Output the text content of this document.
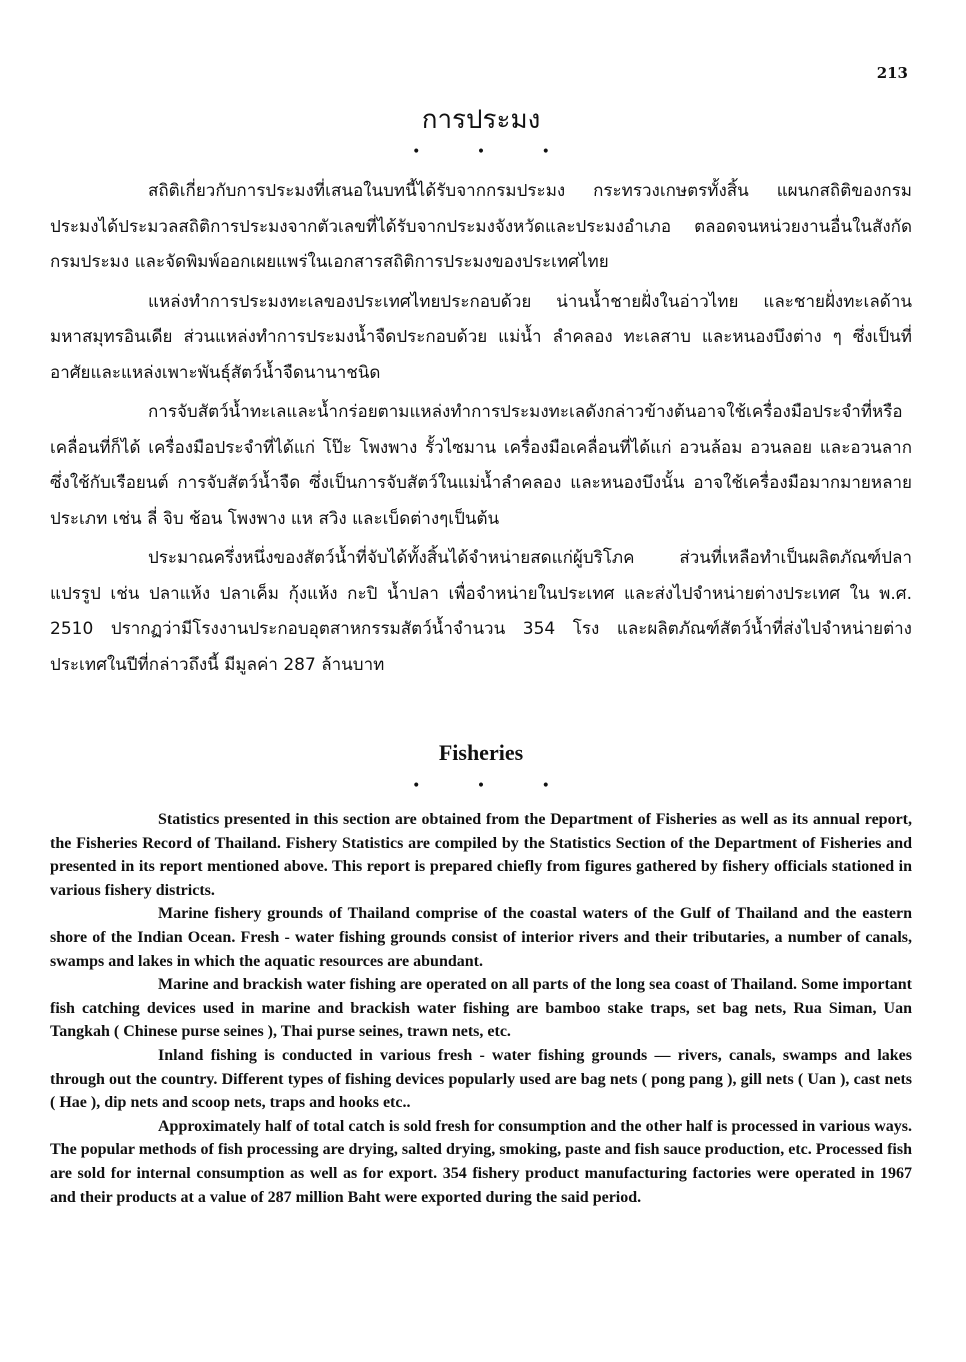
213
การประมง
• • •

สถิติเกี่ยวกับการประมงที่เสนอในบทนี้ได้รับจากกรมประมง กระทรวงเกษตรทั้งสิ้น แผนกสถิติของกรมประมงได้ประมวลสถิติการประมงจากตัวเลขที่ได้รับจากประมงจังหวัดและประมงอำเภอ ตลอดจนหน่วยงานอื่นในสังกัดกรมประมง และจัดพิมพ์ออกเผยแพร่ในเอกสารสถิติการประมงของประเทศไทย

แหล่งทำการประมงทะเลของประเทศไทยประกอบด้วย น่านน้ำชายฝั่งในอ่าวไทย และชายฝั่งทะเลด้านมหาสมุทรอินเดีย ส่วนแหล่งทำการประมงน้ำจืดประกอบด้วย แม่น้ำ ลำคลอง ทะเลสาบ และหนองบึงต่าง ๆ ซึ่งเป็นที่อาศัยและแหล่งเพาะพันธุ์สัตว์น้ำจืดนานาชนิด

การจับสัตว์น้ำทะเลและน้ำกร่อยตามแหล่งทำการประมงทะเลดังกล่าวข้างต้นอาจใช้เครื่องมือประจำที่หรือเคลื่อนที่ก็ได้ เครื่องมือประจำที่ได้แก่ โป๊ะ โพงพาง รั้วไซมาน เครื่องมือเคลื่อนที่ได้แก่ อวนล้อม อวนลอย และอวนลากซึ่งใช้กับเรือยนต์ การจับสัตว์น้ำจืด ซึ่งเป็นการจับสัตว์ในแม่น้ำลำคลอง และหนองบึงนั้น อาจใช้เครื่องมือมากมายหลายประเภท เช่น ลี่ จิบ ช้อน โพงพาง แห สวิง และเบ็ดต่างๆเป็นต้น

ประมาณครึ่งหนึ่งของสัตว์น้ำที่จับได้ทั้งสิ้นได้จำหน่ายสดแก่ผู้บริโภค ส่วนที่เหลือทำเป็นผลิตภัณฑ์ปลาแปรรูป เช่น ปลาแห้ง ปลาเค็ม กุ้งแห้ง กะปิ น้ำปลา เพื่อจำหน่ายในประเทศ และส่งไปจำหน่ายต่างประเทศ ใน พ.ศ. 2510 ปรากฏว่ามีโรงงานประกอบอุตสาหกรรมสัตว์น้ำจำนวน 354 โรง และผลิตภัณฑ์สัตว์น้ำที่ส่งไปจำหน่ายต่างประเทศในปีที่กล่าวถึงนี้ มีมูลค่า 287 ล้านบาท

Fisheries
• • •

Statistics presented in this section are obtained from the Department of Fisheries as well as its annual report, the Fisheries Record of Thailand. Fishery Statistics are compiled by the Statistics Section of the Department of Fisheries and presented in its report mentioned above. This report is prepared chiefly from figures gathered by fishery officials stationed in various fishery districts.

Marine fishery grounds of Thailand comprise of the coastal waters of the Gulf of Thailand and the eastern shore of the Indian Ocean. Fresh - water fishing grounds consist of interior rivers and their tributaries, a number of canals, swamps and lakes in which the aquatic resources are abundant.

Marine and brackish water fishing are operated on all parts of the long sea coast of Thailand. Some important fish catching devices used in marine and brackish water fishing are bamboo stake traps, set bag nets, Rua Siman, Uan Tangkah ( Chinese purse seines ), Thai purse seines, trawn nets, etc.

Inland fishing is conducted in various fresh - water fishing grounds — rivers, canals, swamps and lakes through out the country. Different types of fishing devices popularly used are bag nets ( pong pang ), gill nets ( Uan ), cast nets ( Hae ), dip nets and scoop nets, traps and hooks etc..

Approximately half of total catch is sold fresh for consumption and the other half is processed in various ways. The popular methods of fish processing are drying, salted drying, smoking, paste and fish sauce production, etc. Processed fish are sold for internal consumption as well as for export. 354 fishery product manufacturing factories were operated in 1967 and their products at a value of 287 million Baht were exported during the said period.
